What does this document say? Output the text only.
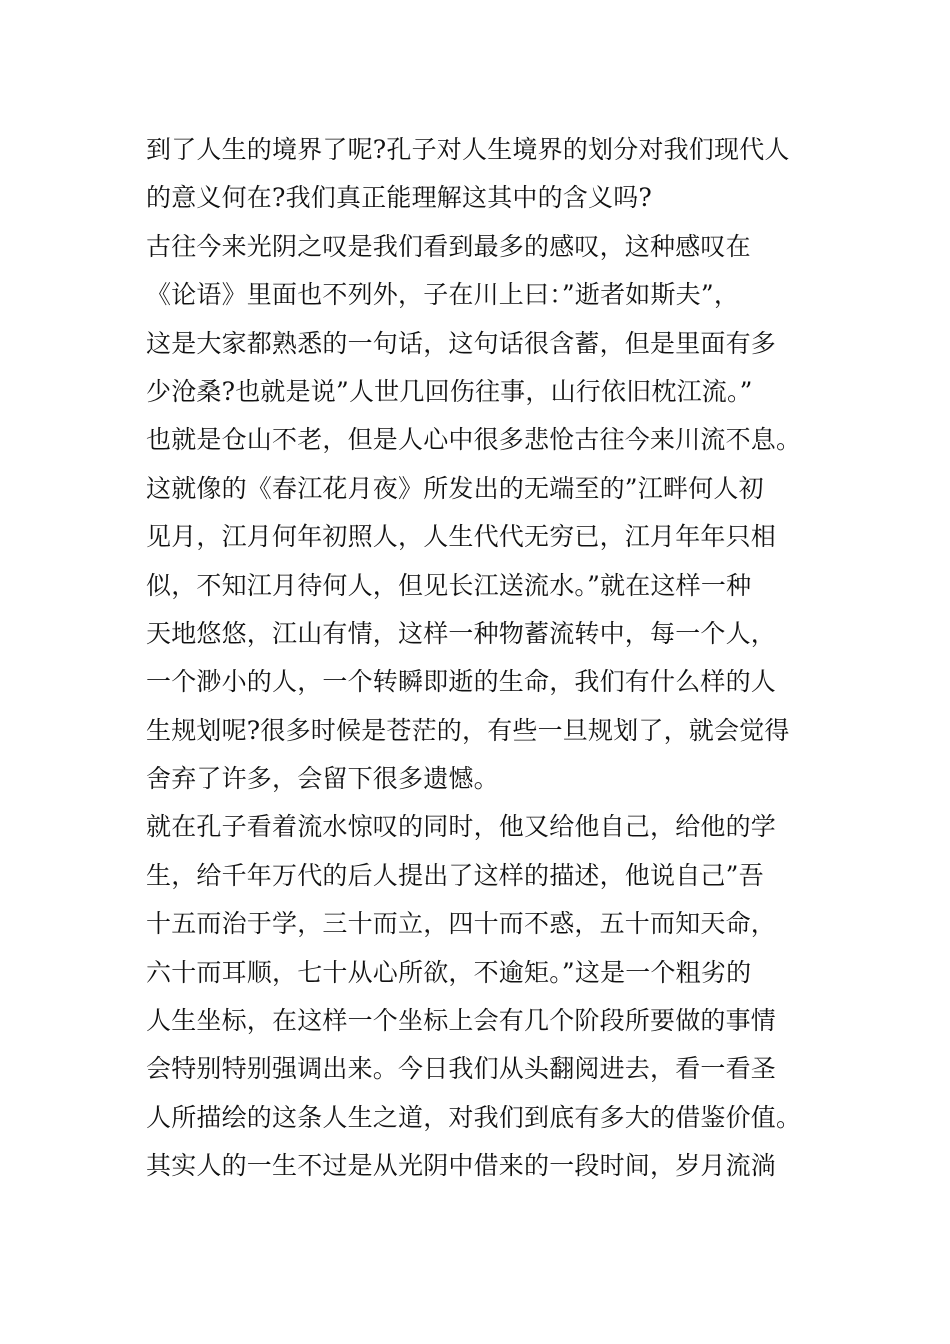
到了人生的境界了呢?孔子对人生境界的划分对我们现代人
的意义何在?我们真正能理解这其中的含义吗?
古往今来光阴之叹是我们看到最多的感叹，这种感叹在
《论语》里面也不列外，子在川上曰：”逝者如斯夫”，
这是大家都熟悉的一句话，这句话很含蓄，但是里面有多
少沧桑?也就是说”人世几回伤往事，山行依旧枕江流。”
也就是仓山不老，但是人心中很多悲怆古往今来川流不息。
这就像的《春江花月夜》所发出的无端至的”江畔何人初
见月，江月何年初照人，人生代代无穷已，江月年年只相
似，不知江月待何人，但见长江送流水。”就在这样一种
天地悠悠，江山有情，这样一种物蓄流转中，每一个人，
一个渺小的人，一个转瞬即逝的生命，我们有什么样的人
生规划呢?很多时候是苍茫的，有些一旦规划了，就会觉得
舍弃了许多，会留下很多遗憾。
就在孔子看着流水惊叹的同时，他又给他自己，给他的学
生，给千年万代的后人提出了这样的描述，他说自己”吾
十五而治于学，三十而立，四十而不惑，五十而知天命，
六十而耳顺，七十从心所欲，不逾矩。”这是一个粗劣的
人生坐标，在这样一个坐标上会有几个阶段所要做的事情
会特别特别强调出来。今日我们从头翻阅进去，看一看圣
人所描绘的这条人生之道，对我们到底有多大的借鉴价值。
其实人的一生不过是从光阴中借来的一段时间，岁月流淌
